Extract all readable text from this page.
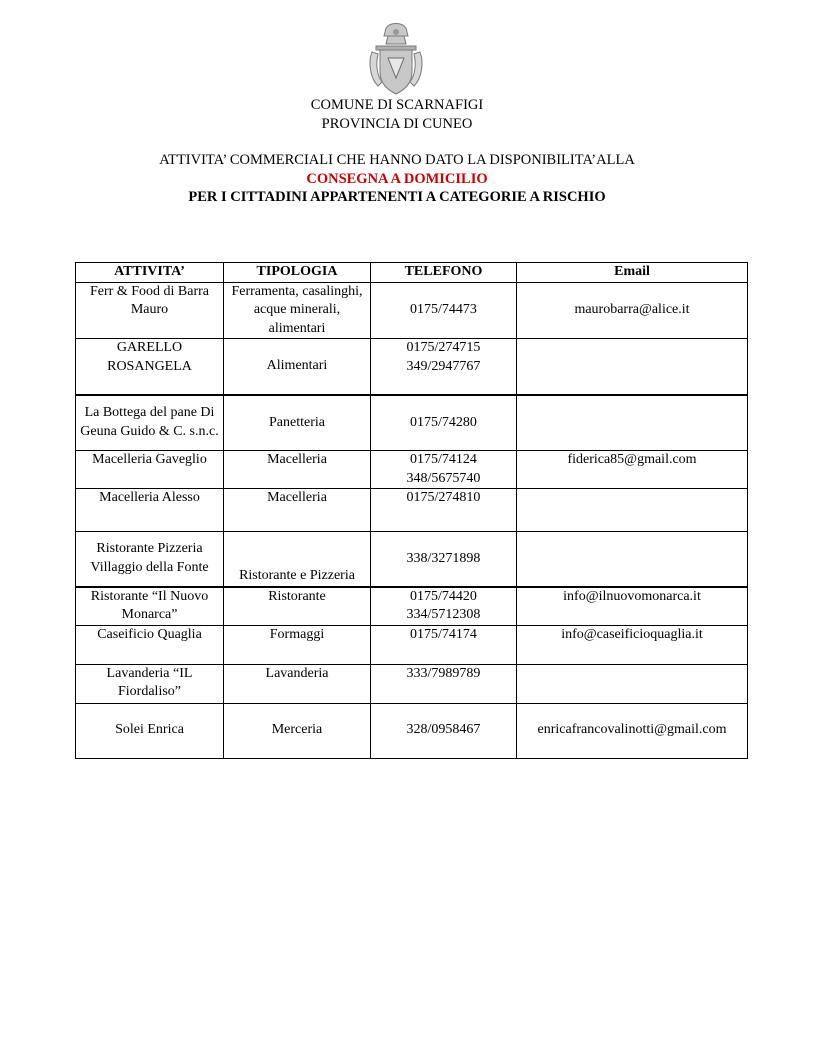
COMUNE DI SCARNAFIGI
PROVINCIA DI CUNEO
ATTIVITA’ COMMERCIALI CHE HANNO DATO LA DISPONIBILITA’ALLA
CONSEGNA A DOMICILIO
PER I CITTADINI APPARTENENTI A CATEGORIE A RISCHIO
ATTIVITA’	TIPOLOGIA	TELEFONO	Email
Ferr & Food di Barra Mauro	Ferramenta, casalinghi, acque minerali, alimentari	0175/74473	maurobarra@alice.it
GARELLO ROSANGELA	Alimentari	0175/274715 349/2947767	
La Bottega del pane Di Geuna Guido & C. s.n.c.	Panetteria	0175/74280	
Macelleria Gaveglio	Macelleria	0175/74124 348/5675740	fiderica85@gmail.com
Macelleria Alesso	Macelleria	0175/274810	
Ristorante Pizzeria Villaggio della Fonte	Ristorante e Pizzeria	338/3271898	
Ristorante “Il Nuovo Monarca”	Ristorante	0175/74420 334/5712308	info@ilnuovomonarca.it
Caseificio Quaglia	Formaggi	0175/74174	info@caseificioquaglia.it
Lavanderia “IL Fiordaliso”	Lavanderia	333/7989789	
Solei Enrica	Merceria	328/0958467	enricafrancovalinotti@gmail.com
